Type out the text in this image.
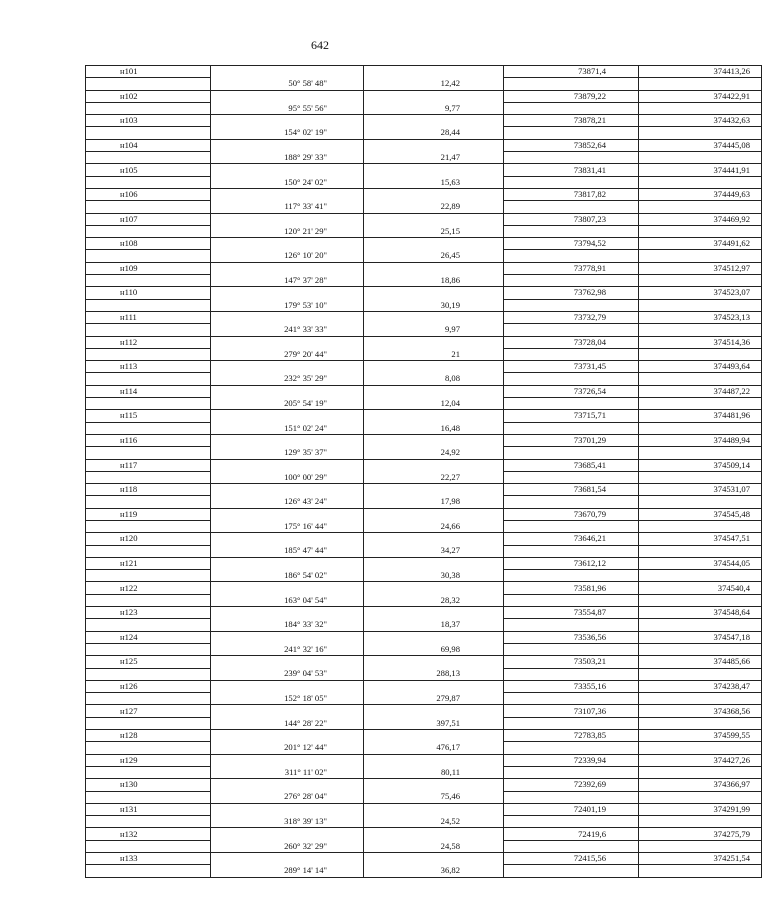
642
н101			73871,4	374413,26
	50° 58' 48"	12,42		
н102			73879,22	374422,91
	95° 55' 56"	9,77		
н103			73878,21	374432,63
	154° 02' 19"	28,44		
н104			73852,64	374445,08
	188° 29' 33"	21,47		
н105			73831,41	374441,91
	150° 24' 02"	15,63		
н106			73817,82	374449,63
	117° 33' 41"	22,89		
н107			73807,23	374469,92
	120° 21' 29"	25,15		
н108			73794,52	374491,62
	126° 10' 20"	26,45		
н109			73778,91	374512,97
	147° 37' 28"	18,86		
н110			73762,98	374523,07
	179° 53' 10"	30,19		
н111			73732,79	374523,13
	241° 33' 33"	9,97		
н112			73728,04	374514,36
	279° 20' 44"	21		
н113			73731,45	374493,64
	232° 35' 29"	8,08		
н114			73726,54	374487,22
	205° 54' 19"	12,04		
н115			73715,71	374481,96
	151° 02' 24"	16,48		
н116			73701,29	374489,94
	129° 35' 37"	24,92		
н117			73685,41	374509,14
	100° 00' 29"	22,27		
н118			73681,54	374531,07
	126° 43' 24"	17,98		
н119			73670,79	374545,48
	175° 16' 44"	24,66		
н120			73646,21	374547,51
	185° 47' 44"	34,27		
н121			73612,12	374544,05
	186° 54' 02"	30,38		
н122			73581,96	374540,4
	163° 04' 54"	28,32		
н123			73554,87	374548,64
	184° 33' 32"	18,37		
н124			73536,56	374547,18
	241° 32' 16"	69,98		
н125			73503,21	374485,66
	239° 04' 53"	288,13		
н126			73355,16	374238,47
	152° 18' 05"	279,87		
н127			73107,36	374368,56
	144° 28' 22"	397,51		
н128			72783,85	374599,55
	201° 12' 44"	476,17		
н129			72339,94	374427,26
	311° 11' 02"	80,11		
н130			72392,69	374366,97
	276° 28' 04"	75,46		
н131			72401,19	374291,99
	318° 39' 13"	24,52		
н132			72419,6	374275,79
	260° 32' 29"	24,58		
н133			72415,56	374251,54
	289° 14' 14"	36,82		
